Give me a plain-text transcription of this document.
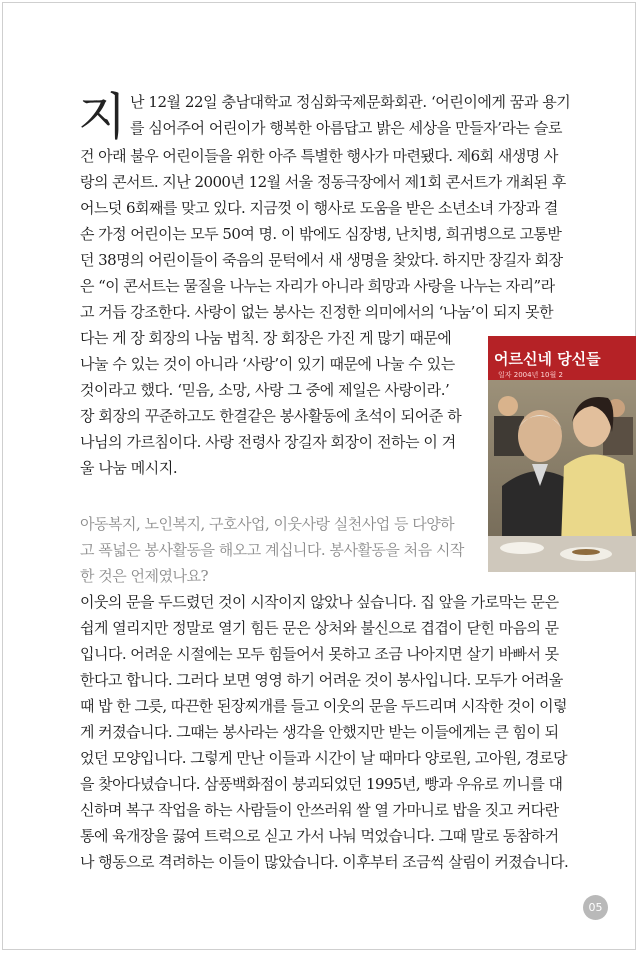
지 난 12월 22일 충남대학교 정심화국제문화회관. ‘어린이에게 꿈과 용기
를 심어주어 어린이가 행복한 아름답고 밝은 세상을 만들자’라는 슬로
건 아래 불우 어린이들을 위한 아주 특별한 행사가 마련됐다. 제6회 새생명 사
랑의 콘서트. 지난 2000년 12월 서울 정동극장에서 제1회 콘서트가 개최된 후
어느덧 6회째를 맞고 있다. 지금껏 이 행사로 도움을 받은 소년소녀 가장과 결
손 가정 어린이는 모두 50여 명. 이 밖에도 심장병, 난치병, 희귀병으로 고통받
던 38명의 어린이들이 죽음의 문턱에서 새 생명을 찾았다. 하지만 장길자 회장
은 “이 콘서트는 물질을 나누는 자리가 아니라 희망과 사랑을 나누는 자리”라
고 거듭 강조한다. 사랑이 없는 봉사는 진정한 의미에서의 ‘나눔’이 되지 못한
다는 게 장 회장의 나눔 법칙. 장 회장은 가진 게 많기 때문에
나눌 수 있는 것이 아니라 ‘사랑’이 있기 때문에 나눌 수 있는
것이라고 했다. ‘믿음, 소망, 사랑 그 중에 제일은 사랑이라.’
장 회장의 꾸준하고도 한결같은 봉사활동에 초석이 되어준 하
나님의 가르침이다. 사랑 전령사 장길자 회장이 전하는 이 겨
울 나눔 메시지.
아동복지, 노인복지, 구호사업, 이웃사랑 실천사업 등 다양하
고 폭넓은 봉사활동을 해오고 계십니다. 봉사활동을 처음 시작
한 것은 언제였나요?
이웃의 문을 두드렸던 것이 시작이지 않았나 싶습니다. 집 앞을 가로막는 문은
쉽게 열리지만 정말로 열기 힘든 문은 상처와 불신으로 겹겹이 닫힌 마음의 문
입니다. 어려운 시절에는 모두 힘들어서 못하고 조금 나아지면 살기 바빠서 못
한다고 합니다. 그러다 보면 영영 하기 어려운 것이 봉사입니다. 모두가 어려울
때 밥 한 그릇, 따끈한 된장찌개를 들고 이웃의 문을 두드리며 시작한 것이 이렇
게 커졌습니다. 그때는 봉사라는 생각을 안했지만 받는 이들에게는 큰 힘이 되
었던 모양입니다. 그렇게 만난 이들과 시간이 날 때마다 양로원, 고아원, 경로당
을 찾아다녔습니다. 삼풍백화점이 붕괴되었던 1995년, 빵과 우유로 끼니를 대
신하며 복구 작업을 하는 사람들이 안쓰러워 쌀 열 가마니로 밥을 짓고 커다란
통에 육개장을 끓여 트럭으로 싣고 가서 나눠 먹었습니다. 그때 말로 동참하거
나 행동으로 격려하는 이들이 많았습니다. 이후부터 조금씩 살림이 커졌습니다.
어르신네 당신들
일자 2004년 10월 2
05
